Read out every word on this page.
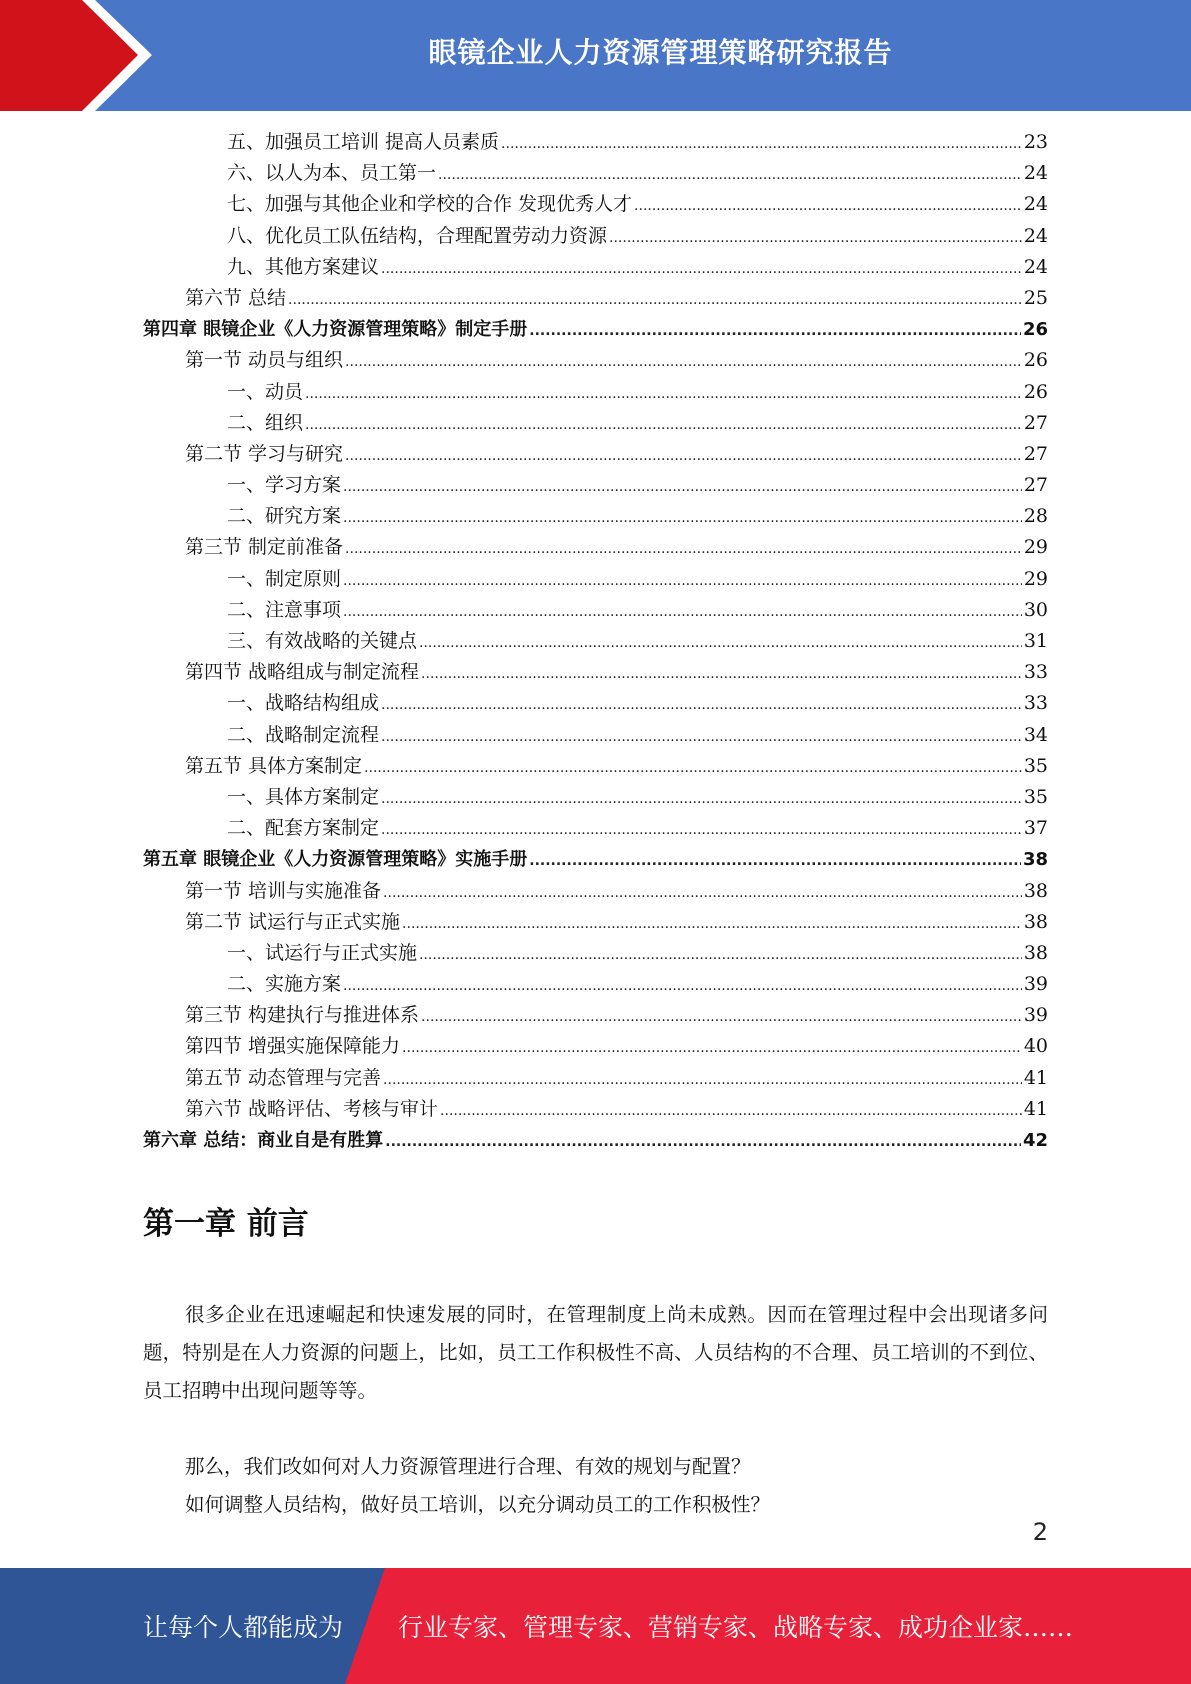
眼镜企业人力资源管理策略研究报告
五、加强员工培训 提高人员素质 .....	23
六、以人为本、员工第一 .....	24
七、加强与其他企业和学校的合作 发现优秀人才 .....	24
八、优化员工队伍结构，合理配置劳动力资源 .....	24
九、其他方案建议 .....	24
第六节 总结 .....	25
第四章 眼镜企业《人力资源管理策略》制定手册 .....	26
第一节 动员与组织 .....	26
一、动员 .....	26
二、组织 .....	27
第二节 学习与研究 .....	27
一、学习方案 .....	27
二、研究方案 .....	28
第三节 制定前准备 .....	29
一、制定原则 .....	29
二、注意事项 .....	30
三、有效战略的关键点 .....	31
第四节 战略组成与制定流程 .....	33
一、战略结构组成 .....	33
二、战略制定流程 .....	34
第五节 具体方案制定 .....	35
一、具体方案制定 .....	35
二、配套方案制定 .....	37
第五章 眼镜企业《人力资源管理策略》实施手册 .....	38
第一节 培训与实施准备 .....	38
第二节 试运行与正式实施 .....	38
一、试运行与正式实施 .....	38
二、实施方案 .....	39
第三节 构建执行与推进体系 .....	39
第四节 增强实施保障能力 .....	40
第五节 动态管理与完善 .....	41
第六节 战略评估、考核与审计 .....	41
第六章 总结：商业自是有胜算 .....	42
第一章 前言
很多企业在迅速崛起和快速发展的同时，在管理制度上尚未成熟。因而在管理过程中会出现诸多问题，特别是在人力资源的问题上，比如，员工工作积极性不高、人员结构的不合理、员工培训的不到位、员工招聘中出现问题等等。
那么，我们改如何对人力资源管理进行合理、有效的规划与配置？
如何调整人员结构，做好员工培训，以充分调动员工的工作积极性？
2
让每个人都能成为 行业专家、管理专家、营销专家、战略专家、成功企业家……
